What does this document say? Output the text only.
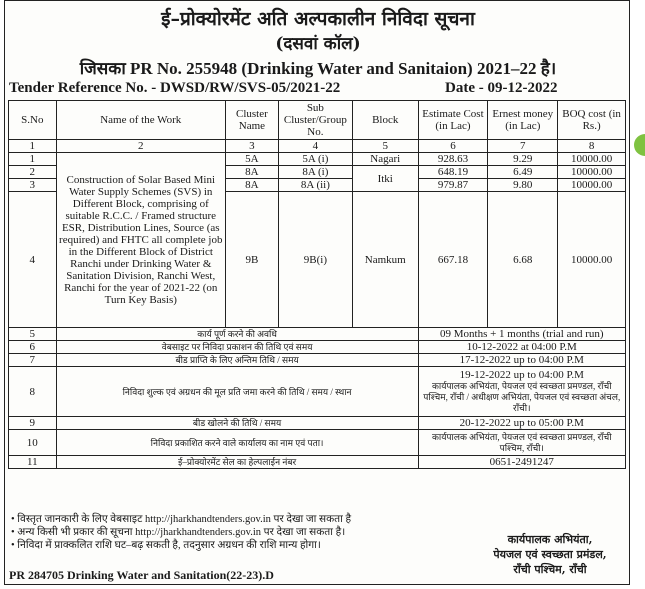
ई–प्रोक्योरमेंट अति अल्पकालीन निविदा सूचना
(दसवां कॉल)
जिसका PR No. 255948 (Drinking Water and Sanitaion) 2021–22 है।
Tender Reference No. - DWSD/RW/SVS-05/2021-22	Date - 09-12-2022
S.No	Name of the Work	Cluster Name	Sub Cluster/Group No.	Block	Estimate Cost (in Lac)	Ernest money (in Lac)	BOQ cost (in Rs.)
1	2	3	4	5	6	7	8
1	Construction of Solar Based Mini Water Supply Schemes (SVS) in Different Block, comprising of suitable R.C.C. / Framed structure ESR, Distribution Lines, Source (as required) and FHTC all complete job in the Different Block of District Ranchi under Drinking Water & Sanitation Division, Ranchi West, Ranchi for the year of 2021-22 (on Turn Key Basis)	5A	5A (i)	Nagari	928.63	9.29	10000.00
2		8A	8A (i)	Itki	648.19	6.49	10000.00
3		8A	8A (ii)		979.87	9.80	10000.00
4		9B	9B(i)	Namkum	667.18	6.68	10000.00
5	कार्य पूर्ण करने की अवधि				09 Months + 1 months (trial and run)		
6	वेबसाइट पर निविदा प्रकाशन की तिथि एवं समय				10-12-2022 at 04:00 P.M		
7	बीड प्राप्ति के लिए अन्तिम तिथि / समय				17-12-2022 up to 04:00 P.M		
8	निविदा शुल्क एवं अग्रधन की मूल प्रति जमा करने की तिथि / समय / स्थान				19-12-2022 up to 04:00 P.M
कार्यपालक अभियंता, पेयजल एवं स्वच्छता प्रमण्डल, राँची पश्चिम, राँची / अधीक्षण अभियंता, पेयजल एवं स्वच्छता अंचल, राँची।		

9	बीड खोलने की तिथि / समय				20-12-2022 up to 05:00 P.M		
10	निविदा प्रकाशित करने वाले कार्यालय का नाम एवं पता।				कार्यपालक अभियंता, पेयजल एवं स्वच्छता प्रमण्डल, राँची पश्चिम, राँची।		
11	ई–प्रोक्योरमेंट सेल का हेल्पलाईन नंबर				0651-2491247		
• विस्तृत जानकारी के लिए वेबसाइट http://jharkhandtenders.gov.in पर देखा जा सकता है
• अन्य किसी भी प्रकार की सूचना http://jharkhandtenders.gov.in पर देखा जा सकता है।
• निविदा में प्राक्कलित राशि घट–बढ़ सकती है, तदनुसार अग्रधन की राशि मान्य होगा।	कार्यपालक अभियंता,
पेयजल एवं स्वच्छता प्रमंडल,
राँची पश्चिम, राँची
PR 284705 Drinking Water and Sanitation(22-23).D
